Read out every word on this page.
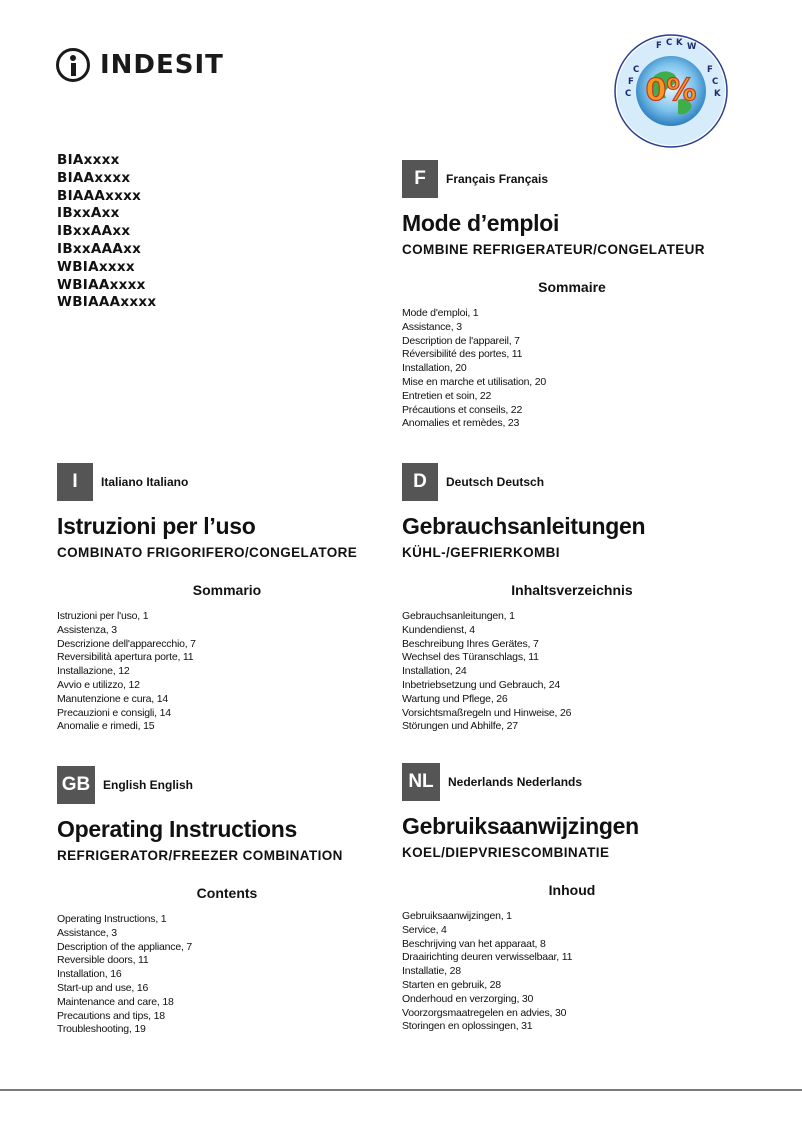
INDESIT
C
F
C
F C K W
F
C
K
0%
BIAxxxx
BIAAxxxx
BIAAAxxxx
IBxxAxx
IBxxAAxx
IBxxAAAxx
WBIAxxxx
WBIAAxxxx
WBIAAAxxxx
F	Français Français
Mode d’emploi
COMBINE REFRIGERATEUR/CONGELATEUR
Sommaire
Mode d'emploi, 1
Assistance, 3
Description de l'appareil, 7
Réversibilité des portes, 11
Installation, 20
Mise en marche et utilisation, 20
Entretien et soin, 22
Précautions et conseils, 22
Anomalies et remèdes, 23
I	Italiano Italiano
Istruzioni per l’uso
COMBINATO FRIGORIFERO/CONGELATORE
Sommario
Istruzioni per l'uso, 1
Assistenza, 3
Descrizione dell'apparecchio, 7
Reversibilità apertura porte, 11
Installazione, 12
Avvio e utilizzo, 12
Manutenzione e cura, 14
Precauzioni e consigli, 14
Anomalie e rimedi, 15
D	Deutsch Deutsch
Gebrauchsanleitungen
KÜHL-/GEFRIERKOMBI
Inhaltsverzeichnis
Gebrauchsanleitungen, 1
Kundendienst, 4
Beschreibung Ihres Gerätes, 7
Wechsel des Türanschlags, 11
Installation, 24
Inbetriebsetzung und Gebrauch, 24
Wartung und Pflege, 26
Vorsichtsmaßregeln und Hinweise, 26
Störungen und Abhilfe, 27
GB	English English
Operating Instructions
REFRIGERATOR/FREEZER COMBINATION
Contents
Operating Instructions, 1
Assistance, 3
Description of the appliance, 7
Reversible doors, 11
Installation, 16
Start-up and use, 16
Maintenance and care, 18
Precautions and tips, 18
Troubleshooting, 19
NL	Nederlands Nederlands
Gebruiksaanwijzingen
KOEL/DIEPVRIESCOMBINATIE
Inhoud
Gebruiksaanwijzingen, 1
Service, 4
Beschrijving van het apparaat, 8
Draairichting deuren verwisselbaar, 11
Installatie, 28
Starten en gebruik, 28
Onderhoud en verzorging, 30
Voorzorgsmaatregelen en advies, 30
Storingen en oplossingen, 31
